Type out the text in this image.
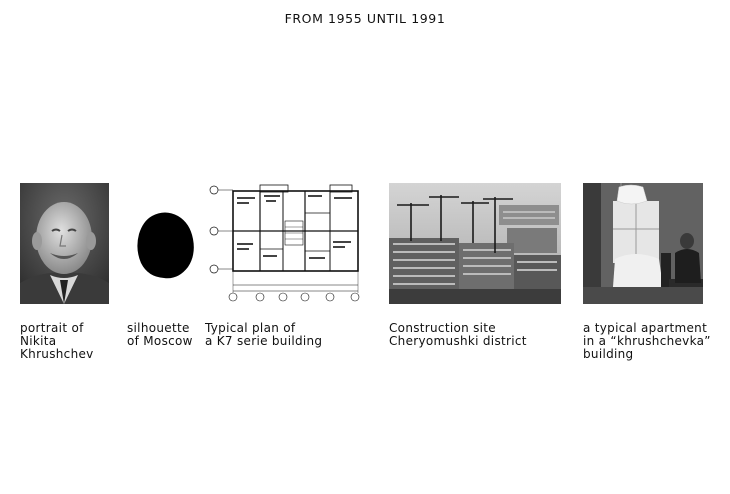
FROM 1955 UNTIL 1991
portrait of
Nikita
Khrushchev
silhouette
of Moscow
Typical plan of
a K7 serie building
Construction site
Cheryomushki district
a typical apartment
in a “khrushchevka”
building
